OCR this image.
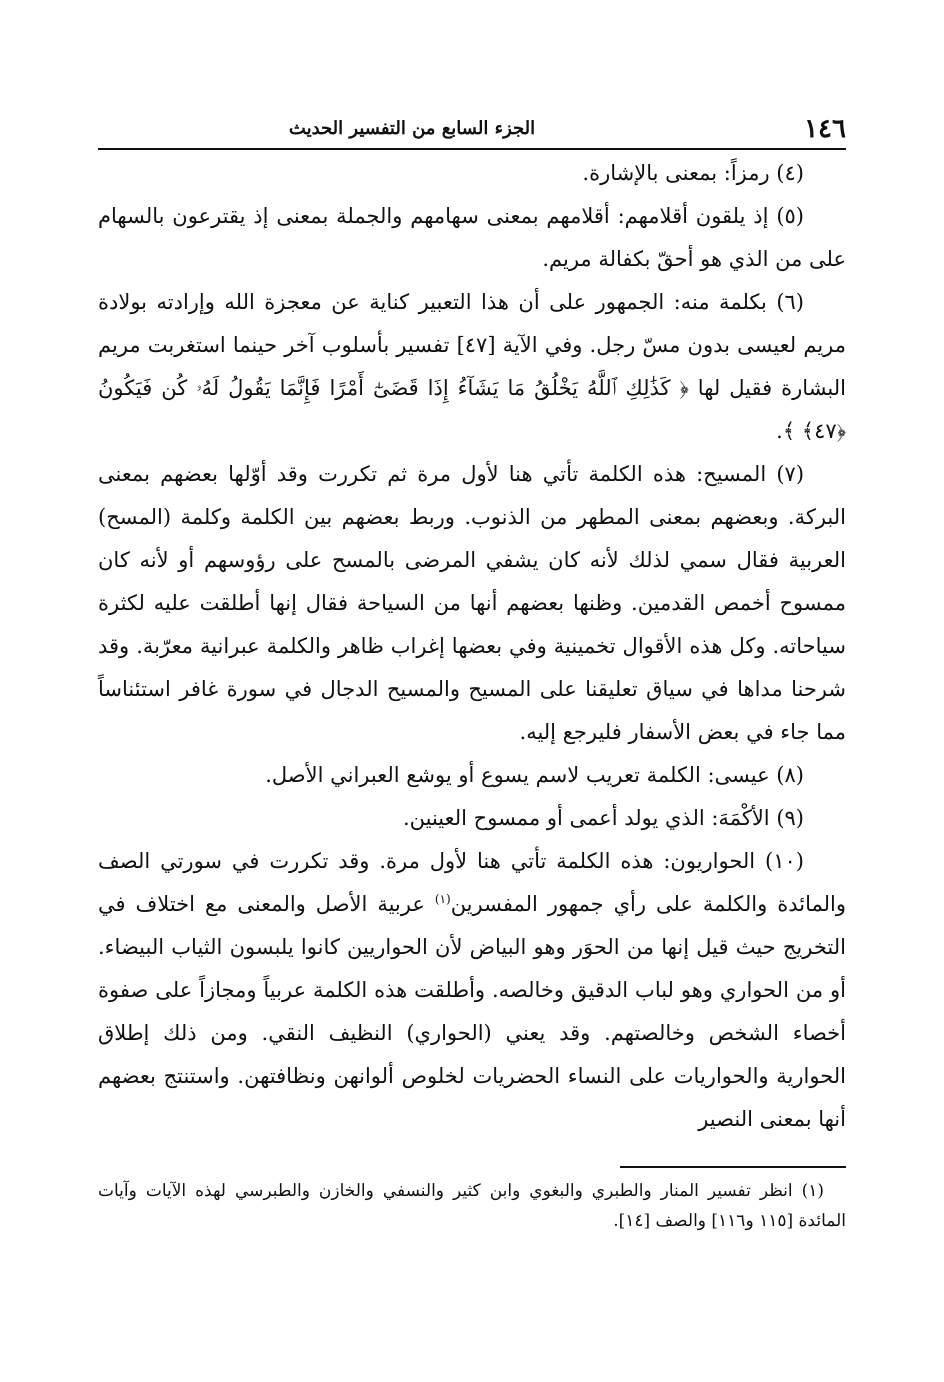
١٤٦
الجزء السابع من التفسير الحديث

(٤) رمزاً: بمعنى بالإشارة.

(٥) إذ يلقون أقلامهم: أقلامهم بمعنى سهامهم والجملة بمعنى إذ يقترعون بالسهام على من الذي هو أحقّ بكفالة مريم.

(٦) بكلمة منه: الجمهور على أن هذا التعبير كناية عن معجزة الله وإرادته بولادة مريم لعيسى بدون مسّ رجل. وفي الآية [٤٧] تفسير بأسلوب آخر حينما استغربت مريم البشارة فقيل لها ﴿ كَذَٰلِكِ ٱللَّهُ يَخْلُقُ مَا يَشَآءُ إِذَا قَضَىٰٓ أَمْرًا فَإِنَّمَا يَقُولُ لَهُۥ كُن فَيَكُونُ ﴿٤٧﴾ ﴾.

(٧) المسيح: هذه الكلمة تأتي هنا لأول مرة ثم تكررت وقد أوّلها بعضهم بمعنى البركة. وبعضهم بمعنى المطهر من الذنوب. وربط بعضهم بين الكلمة وكلمة (المسح) العربية فقال سمي لذلك لأنه كان يشفي المرضى بالمسح على رؤوسهم أو لأنه كان ممسوح أخمص القدمين. وظنها بعضهم أنها من السياحة فقال إنها أطلقت عليه لكثرة سياحاته. وكل هذه الأقوال تخمينية وفي بعضها إغراب ظاهر والكلمة عبرانية معرّبة. وقد شرحنا مداها في سياق تعليقنا على المسيح والمسيح الدجال في سورة غافر استئناساً مما جاء في بعض الأسفار فليرجع إليه.

(٨) عيسى: الكلمة تعريب لاسم يسوع أو يوشع العبراني الأصل.

(٩) الأكْمَهَ: الذي يولد أعمى أو ممسوح العينين.

(١٠) الحواريون: هذه الكلمة تأتي هنا لأول مرة. وقد تكررت في سورتي الصف والمائدة والكلمة على رأي جمهور المفسرين$^{(١)}$ عربية الأصل والمعنى مع اختلاف في التخريج حيث قيل إنها من الحوَر وهو البياض لأن الحواريين كانوا يلبسون الثياب البيضاء. أو من الحواري وهو لباب الدقيق وخالصه. وأطلقت هذه الكلمة عربياً ومجازاً على صفوة أخصاء الشخص وخالصتهم. وقد يعني (الحواري) النظيف النقي. ومن ذلك إطلاق الحوارية والحواريات على النساء الحضريات لخلوص ألوانهن ونظافتهن. واستنتج بعضهم أنها بمعنى النصير

(١) انظر تفسير المنار والطبري والبغوي وابن كثير والنسفي والخازن والطبرسي لهذه الآيات وآيات المائدة [١١٥ و١١٦] والصف [١٤].
